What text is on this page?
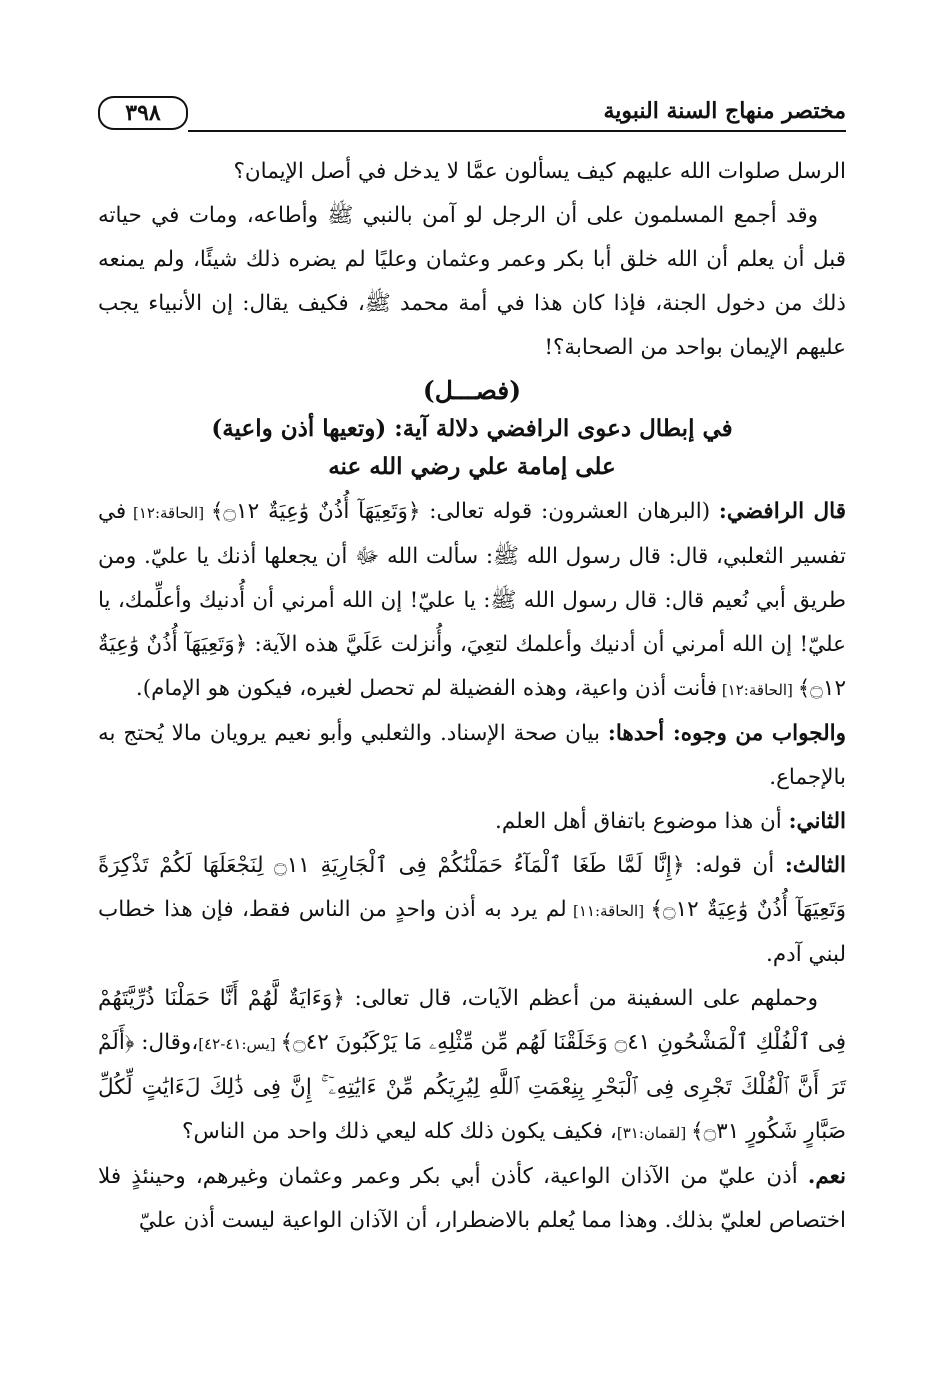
٣٩٨	مختصر منهاج السنة النبوية

الرسل صلوات الله عليهم كيف يسألون عمَّا لا يدخل في أصل الإيمان؟

وقد أجمع المسلمون على أن الرجل لو آمن بالنبي ﷺ وأطاعه، ومات في حياته قبل أن يعلم أن الله خلق أبا بكر وعمر وعثمان وعليًا لم يضره ذلك شيئًا، ولم يمنعه ذلك من دخول الجنة، فإذا كان هذا في أمة محمد ﷺ، فكيف يقال: إن الأنبياء يجب عليهم الإيمان بواحد من الصحابة؟!

(فصـــل)
في إبطال دعوى الرافضي دلالة آية: (وتعيها أذن واعية)
على إمامة علي رضي الله عنه

قال الرافضي: (البرهان العشرون: قوله تعالى: ﴿وَتَعِيَهَآ أُذُنٌ وَٰعِيَةٌ ۝١٢﴾ [الحاقة:١٢] في تفسير الثعلبي، قال: قال رسول الله ﷺ: سألت الله ﷻ أن يجعلها أذنك يا عليّ. ومن طريق أبي نُعيم قال: قال رسول الله ﷺ: يا عليّ! إن الله أمرني أن أُدنيك وأعلِّمك، يا عليّ! إن الله أمرني أن أدنيك وأعلمك لتعِيَ، وأُنزلت عَلَيَّ هذه الآية: ﴿وَتَعِيَهَآ أُذُنٌ وَٰعِيَةٌ ۝١٢﴾ [الحاقة:١٢] فأنت أذن واعية، وهذه الفضيلة لم تحصل لغيره، فيكون هو الإمام).

والجواب من وجوه: أحدها: بيان صحة الإسناد. والثعلبي وأبو نعيم يرويان مالا يُحتج به بالإجماع.

الثاني: أن هذا موضوع باتفاق أهل العلم.

الثالث: أن قوله: ﴿إِنَّا لَمَّا طَغَا ٱلْمَآءُ حَمَلْنَٰكُمْ فِى ٱلْجَارِيَةِ ۝١١ لِنَجْعَلَهَا لَكُمْ تَذْكِرَةً وَتَعِيَهَآ أُذُنٌ وَٰعِيَةٌ ۝١٢﴾ [الحاقة:١١] لم يرد به أذن واحدٍ من الناس فقط، فإن هذا خطاب لبني آدم.

وحملهم على السفينة من أعظم الآيات، قال تعالى: ﴿وَءَايَةٌ لَّهُمْ أَنَّا حَمَلْنَا ذُرِّيَّتَهُمْ فِى ٱلْفُلْكِ ٱلْمَشْحُونِ ۝٤١ وَخَلَقْنَا لَهُم مِّن مِّثْلِهِۦ مَا يَرْكَبُونَ ۝٤٢﴾ [يس:٤١-٤٢]،وقال: ﴿أَلَمْ تَرَ أَنَّ ٱلْفُلْكَ تَجْرِى فِى ٱلْبَحْرِ بِنِعْمَتِ ٱللَّهِ لِيُرِيَكُم مِّنْ ءَايَٰتِهِۦٓ ۚ إِنَّ فِى ذَٰلِكَ لَءَايَٰتٍ لِّكُلِّ صَبَّارٍ شَكُورٍ ۝٣١﴾ [لقمان:٣١]، فكيف يكون ذلك كله ليعي ذلك واحد من الناس؟

نعم. أذن عليّ من الآذان الواعية، كأذن أبي بكر وعمر وعثمان وغيرهم، وحينئذٍ فلا اختصاص لعليّ بذلك. وهذا مما يُعلم بالاضطرار، أن الآذان الواعية ليست أذن عليّ
